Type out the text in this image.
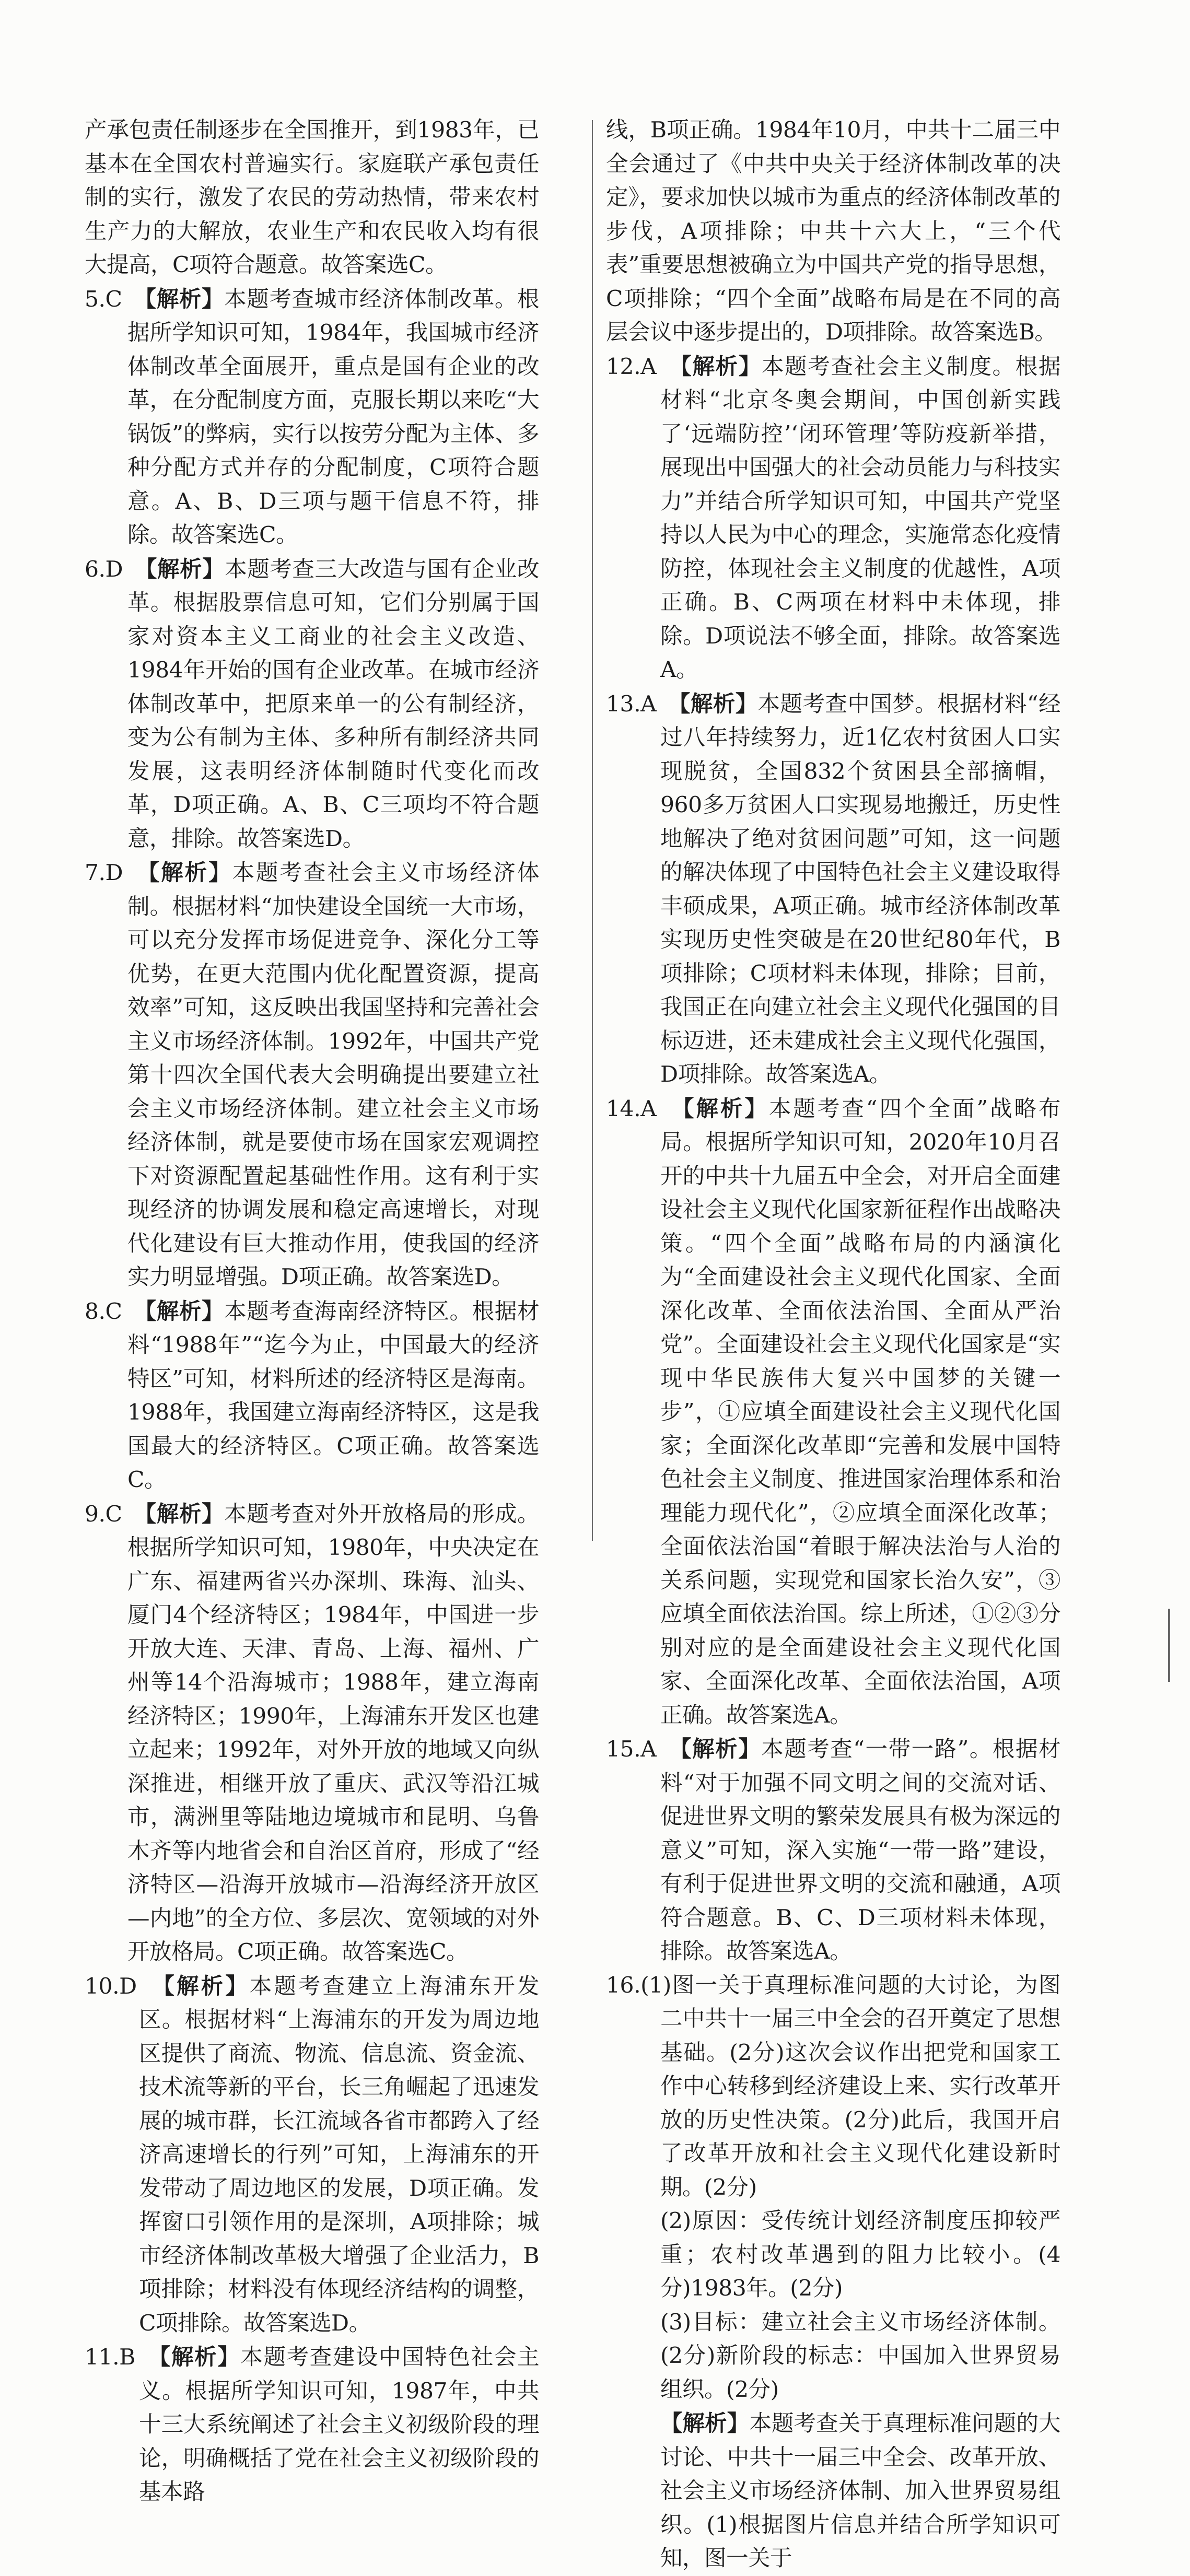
产承包责任制逐步在全国推开，到1983年，已基本在全国农村普遍实行。家庭联产承包责任制的实行，激发了农民的劳动热情，带来农村生产力的大解放，农业生产和农民收入均有很大提高，C项符合题意。故答案选C。

5.C　 【解析】本题考查城市经济体制改革。根据所学知识可知，1984年，我国城市经济体制改革全面展开，重点是国有企业的改革，在分配制度方面，克服长期以来吃“大锅饭”的弊病，实行以按劳分配为主体、多种分配方式并存的分配制度，C项符合题意。A、B、D三项与题干信息不符，排除。故答案选C。

6.D　 【解析】本题考查三大改造与国有企业改革。根据股票信息可知，它们分别属于国家对资本主义工商业的社会主义改造、1984年开始的国有企业改革。在城市经济体制改革中，把原来单一的公有制经济，变为公有制为主体、多种所有制经济共同发展，这表明经济体制随时代变化而改革，D项正确。A、B、C三项均不符合题意，排除。故答案选D。

7.D　 【解析】本题考查社会主义市场经济体制。根据材料“加快建设全国统一大市场，可以充分发挥市场促进竞争、深化分工等优势，在更大范围内优化配置资源，提高效率”可知，这反映出我国坚持和完善社会主义市场经济体制。1992年，中国共产党第十四次全国代表大会明确提出要建立社会主义市场经济体制。建立社会主义市场经济体制，就是要使市场在国家宏观调控下对资源配置起基础性作用。这有利于实现经济的协调发展和稳定高速增长，对现代化建设有巨大推动作用，使我国的经济实力明显增强。D项正确。故答案选D。

8.C　 【解析】本题考查海南经济特区。根据材料“1988年”“迄今为止，中国最大的经济特区”可知，材料所述的经济特区是海南。1988年，我国建立海南经济特区，这是我国最大的经济特区。C项正确。故答案选C。

9.C　 【解析】本题考查对外开放格局的形成。根据所学知识可知，1980年，中央决定在广东、福建两省兴办深圳、珠海、汕头、厦门4个经济特区；1984年，中国进一步开放大连、天津、青岛、上海、福州、广州等14个沿海城市；1988年，建立海南经济特区；1990年，上海浦东开发区也建立起来；1992年，对外开放的地域又向纵深推进，相继开放了重庆、武汉等沿江城市，满洲里等陆地边境城市和昆明、乌鲁木齐等内地省会和自治区首府，形成了“经济特区—沿海开放城市—沿海经济开放区—内地”的全方位、多层次、宽领域的对外开放格局。C项正确。故答案选C。

10.D　 【解析】本题考查建立上海浦东开发区。根据材料“上海浦东的开发为周边地区提供了商流、物流、信息流、资金流、技术流等新的平台，长三角崛起了迅速发展的城市群，长江流域各省市都跨入了经济高速增长的行列”可知，上海浦东的开发带动了周边地区的发展，D项正确。发挥窗口引领作用的是深圳，A项排除；城市经济体制改革极大增强了企业活力，B项排除；材料没有体现经济结构的调整，C项排除。故答案选D。

11.B　 【解析】本题考查建设中国特色社会主义。根据所学知识可知，1987年，中共十三大系统阐述了社会主义初级阶段的理论，明确概括了党在社会主义初级阶段的基本路

线，B项正确。1984年10月，中共十二届三中全会通过了《中共中央关于经济体制改革的决定》，要求加快以城市为重点的经济体制改革的步伐，A项排除；中共十六大上，“三个代表”重要思想被确立为中国共产党的指导思想，C项排除；“四个全面”战略布局是在不同的高层会议中逐步提出的，D项排除。故答案选B。

12.A　 【解析】本题考查社会主义制度。根据材料“北京冬奥会期间，中国创新实践了‘远端防控’‘闭环管理’等防疫新举措，展现出中国强大的社会动员能力与科技实力”并结合所学知识可知，中国共产党坚持以人民为中心的理念，实施常态化疫情防控，体现社会主义制度的优越性，A项正确。B、C两项在材料中未体现，排除。D项说法不够全面，排除。故答案选A。

13.A　 【解析】本题考查中国梦。根据材料“经过八年持续努力，近1亿农村贫困人口实现脱贫，全国832个贫困县全部摘帽，960多万贫困人口实现易地搬迁，历史性地解决了绝对贫困问题”可知，这一问题的解决体现了中国特色社会主义建设取得丰硕成果，A项正确。城市经济体制改革实现历史性突破是在20世纪80年代，B项排除；C项材料未体现，排除；目前，我国正在向建立社会主义现代化强国的目标迈进，还未建成社会主义现代化强国，D项排除。故答案选A。

14.A　 【解析】本题考查“四个全面”战略布局。根据所学知识可知，2020年10月召开的中共十九届五中全会，对开启全面建设社会主义现代化国家新征程作出战略决策。“四个全面”战略布局的内涵演化为“全面建设社会主义现代化国家、全面深化改革、全面依法治国、全面从严治党”。全面建设社会主义现代化国家是“实现中华民族伟大复兴中国梦的关键一步”，①应填全面建设社会主义现代化国家；全面深化改革即“完善和发展中国特色社会主义制度、推进国家治理体系和治理能力现代化”，②应填全面深化改革；全面依法治国“着眼于解决法治与人治的关系问题，实现党和国家长治久安”，③应填全面依法治国。综上所述，①②③分别对应的是全面建设社会主义现代化国家、全面深化改革、全面依法治国，A项正确。故答案选A。

15.A　 【解析】本题考查“一带一路”。根据材料“对于加强不同文明之间的交流对话、促进世界文明的繁荣发展具有极为深远的意义”可知，深入实施“一带一路”建设，有利于促进世界文明的交流和融通，A项符合题意。B、C、D三项材料未体现，排除。故答案选A。

16.(1)图一关于真理标准问题的大讨论，为图二中共十一届三中全会的召开奠定了思想基础。(2分)这次会议作出把党和国家工作中心转移到经济建设上来、实行改革开放的历史性决策。(2分)此后，我国开启了改革开放和社会主义现代化建设新时期。(2分)

(2)原因：受传统计划经济制度压抑较严重；农村改革遇到的阻力比较小。(4分)1983年。(2分)

(3)目标：建立社会主义市场经济体制。(2分)新阶段的标志：中国加入世界贸易组织。(2分)

【解析】本题考查关于真理标准问题的大讨论、中共十一届三中全会、改革开放、社会主义市场经济体制、加入世界贸易组织。(1)根据图片信息并结合所学知识可知，图一关于
